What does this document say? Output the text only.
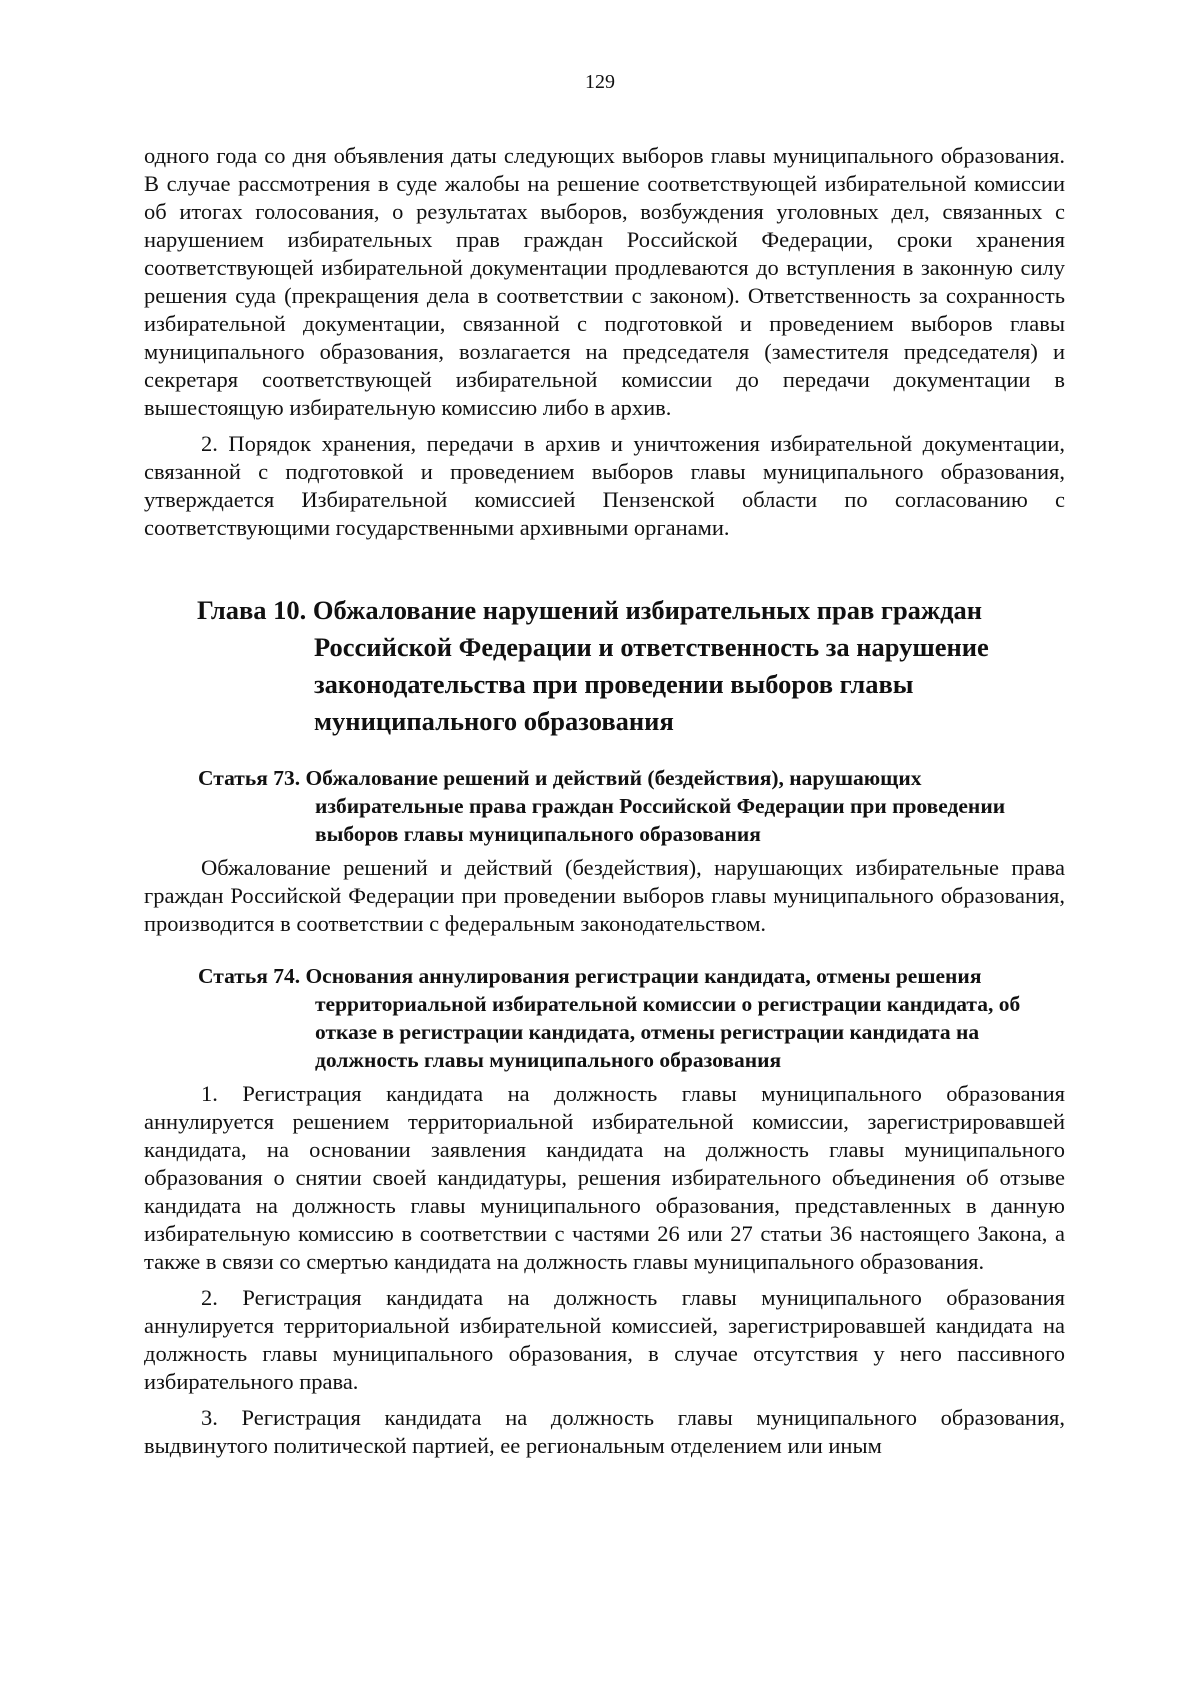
129

одного года со дня объявления даты следующих выборов главы муниципального образования. В случае рассмотрения в суде жалобы на решение соответствующей избирательной комиссии об итогах голосования, о результатах выборов, возбуждения уголовных дел, связанных с нарушением избирательных прав граждан Российской Федерации, сроки хранения соответствующей избирательной документации продлеваются до вступления в законную силу решения суда (прекращения дела в соответствии с законом). Ответственность за сохранность избирательной документации, связанной с подготовкой и проведением выборов главы муниципального образования, возлагается на председателя (заместителя председателя) и секретаря соответствующей избирательной комиссии до передачи документации в вышестоящую избирательную комиссию либо в архив.

2. Порядок хранения, передачи в архив и уничтожения избирательной документации, связанной с подготовкой и проведением выборов главы муниципального образования, утверждается Избирательной комиссией Пензенской области по согласованию с соответствующими государственными архивными органами.

Глава 10. Обжалование нарушений избирательных прав граждан Российской Федерации и ответственность за нарушение законодательства при проведении выборов главы муниципального образования
Статья 73. Обжалование решений и действий (бездействия), нарушающих избирательные права граждан Российской Федерации при проведении выборов главы муниципального образования

Обжалование решений и действий (бездействия), нарушающих избирательные права граждан Российской Федерации при проведении выборов главы муниципального образования, производится в соответствии с федеральным законодательством.

Статья 74. Основания аннулирования регистрации кандидата, отмены решения территориальной избирательной комиссии о регистрации кандидата, об отказе в регистрации кандидата, отмены регистрации кандидата на должность главы муниципального образования

1. Регистрация кандидата на должность главы муниципального образования аннулируется решением территориальной избирательной комиссии, зарегистрировавшей кандидата, на основании заявления кандидата на должность главы муниципального образования о снятии своей кандидатуры, решения избирательного объединения об отзыве кандидата на должность главы муниципального образования, представленных в данную избирательную комиссию в соответствии с частями 26 или 27 статьи 36 настоящего Закона, а также в связи со смертью кандидата на должность главы муниципального образования.

2. Регистрация кандидата на должность главы муниципального образования аннулируется территориальной избирательной комиссией, зарегистрировавшей кандидата на должность главы муниципального образования, в случае отсутствия у него пассивного избирательного права.

3. Регистрация кандидата на должность главы муниципального образования, выдвинутого политической партией, ее региональным отделением или иным
